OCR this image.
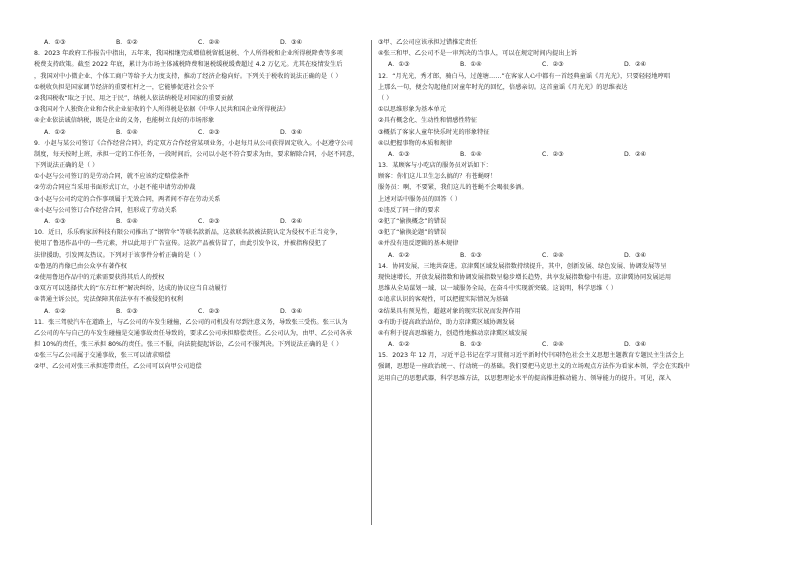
A．①③	B．①②	C．②④	D．③④
8．2023 年政府工作报告中指出，五年来，我国相继完成增值税留抵退税、个人所得税和企业所得税降费等多项
税费支持政策。截至 2022 年底，累计为市场主体减税降费和退税缓税缓费超过 4.2 万亿元。尤其在疫情发生后
，我国对中小微企业、个体工商户等给予大力度支持，推动了经济企稳向好。下列关于税收的说法正确的是（ ）
①税收负担是国家调节经济的重要杠杆之一，它能够促进社会公平
②我国税收“取之于民、用之于民”，纳税人依法纳税是对国家的重要贡献
③我国对个人独资企业和合伙企业征收的个人所得税是依据《中华人民共和国企业所得税法》
④企业依法诚信纳税，既是企业的义务，也能树立良好的市场形象
A．①②	B．①④	C．②③	D．③④
9．小赵与某公司签订《合作经营合同》，约定双方合作经营某项业务，小赵每月从公司获得固定收入。小赵遵守公司
制度，每天按时上班，承担一定的工作任务，一段时间后，公司以小赵不符合要求为由，要求解除合同，小赵不同意，
下列说法正确的是（ ）
①小赵与公司签订的是劳动合同，就不应该约定赔偿条件
②劳动合同应当采用书面形式订立，小赵不能申请劳动仲裁
③小赵与公司约定的合作事项属于无效合同，两者间不存在劳动关系
④小赵与公司签订合作经营合同，但形成了劳动关系
A．①③	B．①④	C．②③	D．②④
10．近日，乐乐购家居科技有限公司推出了“钢管伞”等联名款新品，这款联名款被法院认定为侵权不正当竞争，
使用了鲁迅作品中的一些元素，并以此用于广告宣传。这款产品被仿冒了，由此引发争议，并被指称侵犯了
法律援助，引发网友热议。下列对于该事件分析正确的是（ ）
①鲁迅的肖像已由公众享有著作权
②使用鲁迅作品中的元素需要获得其后人的授权
③双方可以选择伏大的“东方红杯”解决纠纷，达成的协议应当自动履行
④普通主诉公民，宪法保障其依法享有不被侵犯的权利
A．①②	B．①③	C．②③	D．③④
11．张三驾驶汽车在道路上，与乙公司的车发生碰撞，乙公司的司机没有尽到注意义务，导致张三受伤。张三认为
乙公司的车与自己的车发生碰撞是交通事故责任导致的，要求乙公司承担赔偿责任。乙公司认为，由甲、乙公司各承
担 10%的责任，张三承担 80%的责任。张三不服，向法院提起诉讼，乙公司不服判决。下列说法正确的是（ ）
①张三与乙公司属于交通事故，张三可以请求赔偿
②甲、乙公司对张三承担连带责任，乙公司可以向甲公司追偿
③甲、乙公司应该承担过错推定责任
④张三和甲、乙公司不是一审判决的当事人，可以在规定时间内提出上诉
A．①③	B．①④	C．②③	D．②④
12．“月光光，秀才郎，骑白马，过莲塘……”在客家人心中都有一首经典童谣《月光光》，只要轻轻地哼唱
上那么一句，便会勾起他们对童年时光的回忆，倍感亲切。这首童谣《月光光》的思维表达
（ ）
①以思维形象为基本单元
②具有概念化、生动性和情感性特征
③概括了客家人童年快乐时光的形象特征
④以把握事物的本质和规律
A．①③	B．①④	C．②③	D．②④
13．某顾客与小吃店的服务员对话如下：
顾客：你们这儿卫生怎么搞的？有苍蝇呀！
服务员：啊，不要紧，我们这儿的苍蝇不会喝很多酒。
上述对话中服务员的回答（ ）
①违反了同一律的要求
②犯了“偷换概念”的错误
③犯了“偷换论题”的错误
④并没有违反逻辑的基本规律
A．①②	B．①③	C．②④	D．③④
14．协同发展，三地共奋进。京津冀区域发展指数持续提升，其中，创新发展、绿色发展、协调发展等呈
现快速增长，开放发展指数和协调发展指数呈稳步增长趋势，共享发展指数稳中有进。京津冀协同发展运用
思维从全局谋划一域、以一域服务全局，在奋斗中实现新突破。这说明，科学思维（ ）
①追求认识的客观性，可以把握实际情况为基础
②结果具有预见性，超越对象的现实状况而发挥作用
③有助于提高政治站位，助力京津冀区域协调发展
④有利于提高思维能力，创造性地推动京津冀区域发展
A．①②	B．①③	C．②④	D．③④
15．2023 年 12 月，习近平总书记在学习贯彻习近平新时代中国特色社会主义思想主题教育专题民主生活会上
强调，思想是一座政治统一、行动统一的基础。我们要把马克思主义的立场观点方法作为看家本领，学会在实践中
运用自己的思想武器，科学思维方法，以思想理论水平的提高推进推动能力、领导能力的提升。可见，深入
